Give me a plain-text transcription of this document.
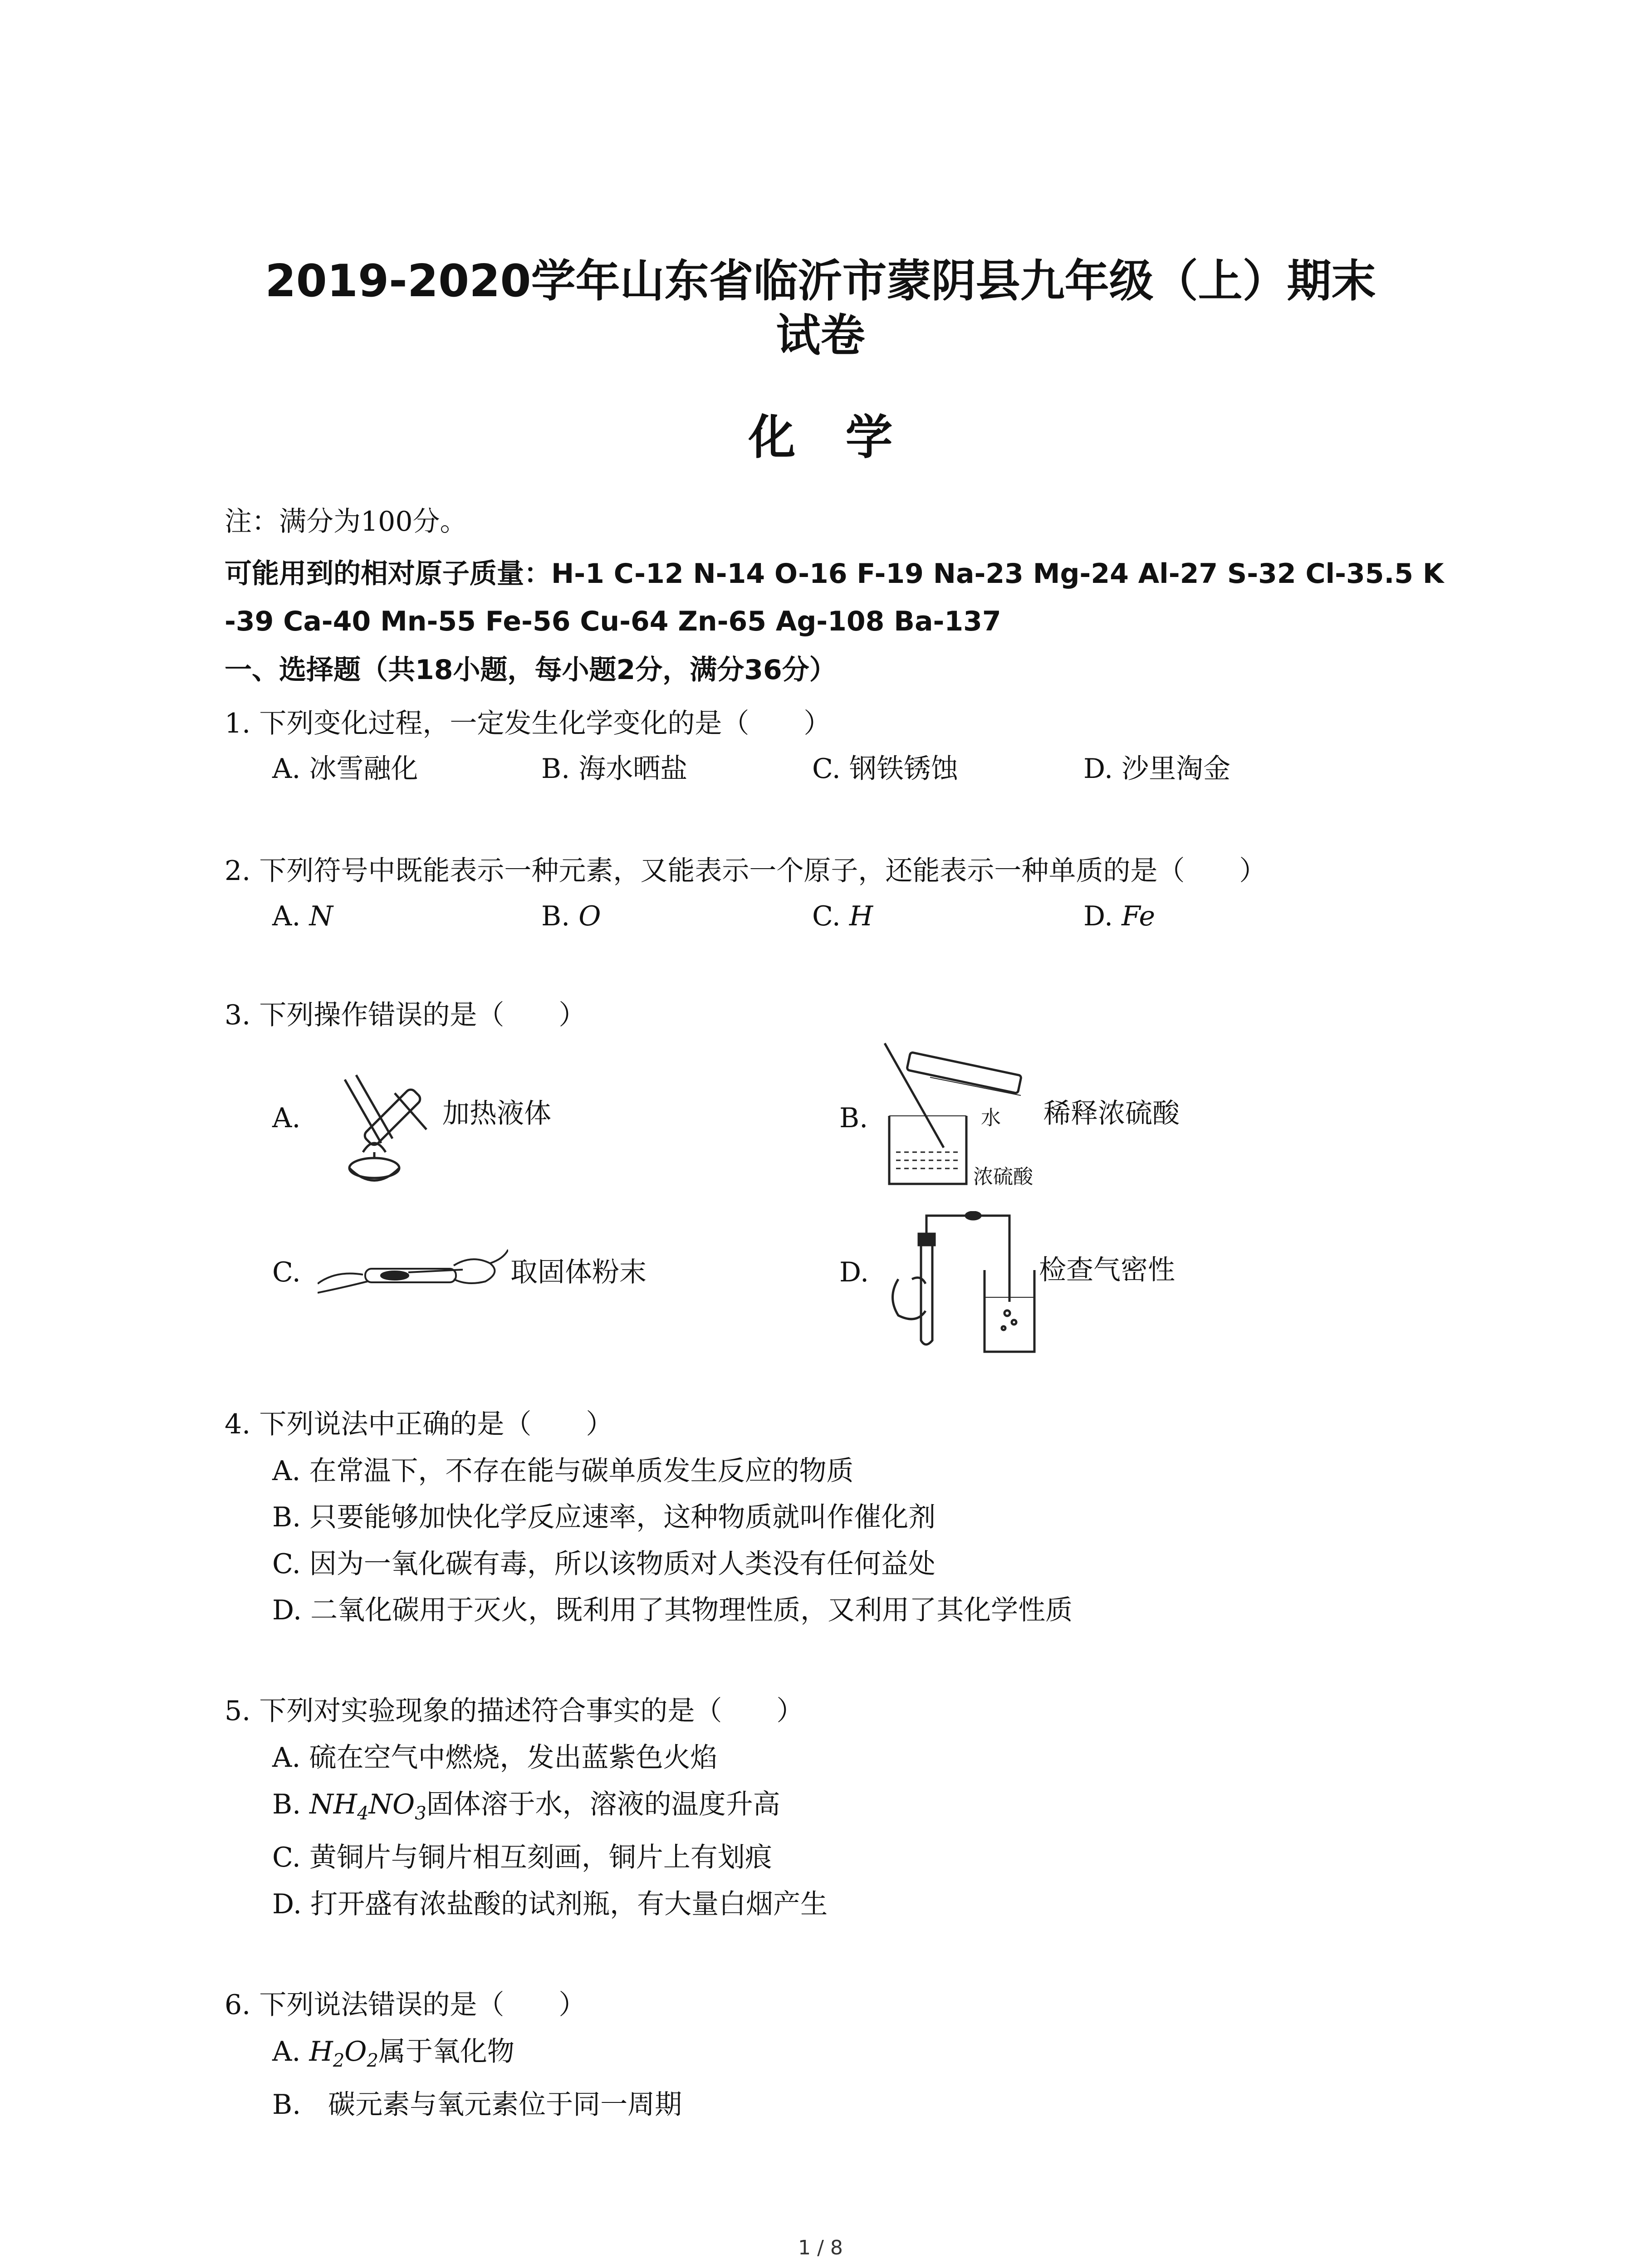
2019-2020学年山东省临沂市蒙阴县九年级（上）期末
试卷
化学
注：满分为100分。
可能用到的相对原子质量：H-1 C-12 N-14 O-16 F-19 Na-23 Mg-24 Al-27 S-32 Cl-35.5 K
-39 Ca-40 Mn-55 Fe-56 Cu-64 Zn-65 Ag-108 Ba-137
一、选择题（共18小题，每小题2分，满分36分）
1. 下列变化过程，一定发生化学变化的是（　　）
A. 冰雪融化	B. 海水晒盐	C. 钢铁锈蚀	D. 沙里淘金
2. 下列符号中既能表示一种元素，又能表示一个原子，还能表示一种单质的是（　　）
A. N	B. O	C. H	D. Fe
3. 下列操作错误的是（　　）
A.	加热液体	B.	水
浓硫酸
稀释浓硫酸
C.	取固体粉末	D.	检查气密性
4. 下列说法中正确的是（　　）
A. 在常温下，不存在能与碳单质发生反应的物质
B. 只要能够加快化学反应速率，这种物质就叫作催化剂
C. 因为一氧化碳有毒，所以该物质对人类没有任何益处
D. 二氧化碳用于灭火，既利用了其物理性质，又利用了其化学性质
5. 下列对实验现象的描述符合事实的是（　　）
A. 硫在空气中燃烧，发出蓝紫色火焰
B. $NH_4NO_3$固体溶于水，溶液的温度升高
C. 黄铜片与铜片相互刻画，铜片上有划痕
D. 打开盛有浓盐酸的试剂瓶，有大量白烟产生
6. 下列说法错误的是（　　）
A. $H_2O_2$属于氧化物
B.　碳元素与氧元素位于同一周期
1 / 8
